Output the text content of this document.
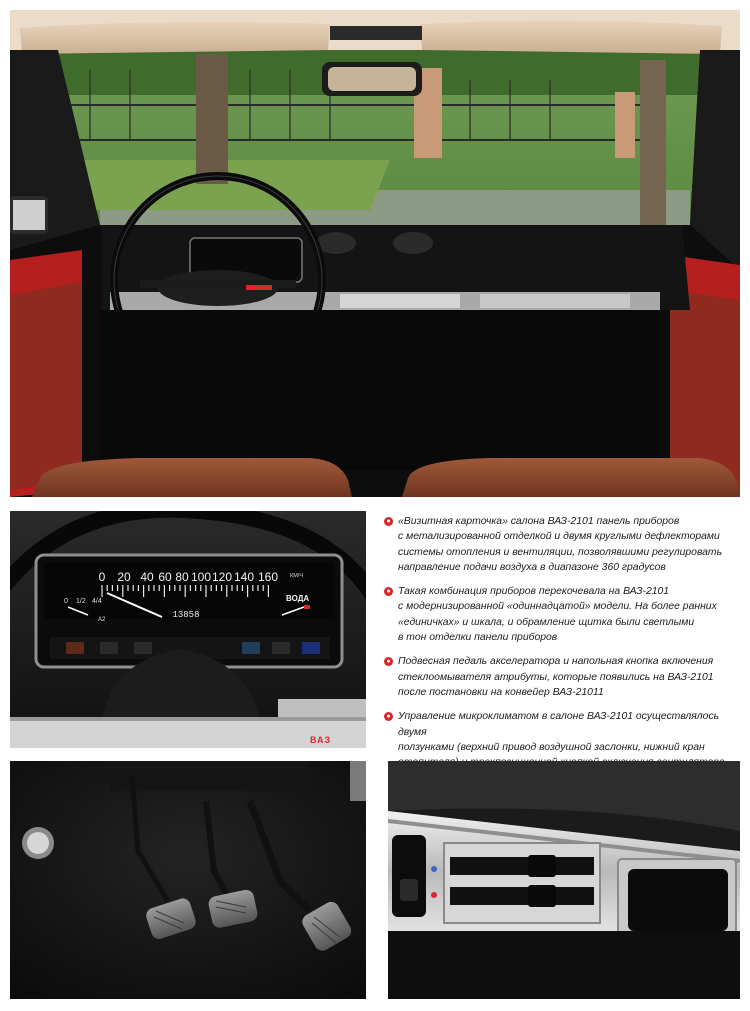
0 20 40 60 80 100 120 140 160 КМ/Ч
0 1/2 4/4
А2	13858
ВОДА
ВАЗ
● «Визитная карточка» салона ВАЗ-2101 панель приборов

с метализированной отделкой и двумя круглыми дефлекторами

системы отопления и вентиляции, позволявшими регулировать

направление подачи воздуха в диапазоне 360 градусов

● Такая комбинация приборов перекочевала на ВАЗ-2101

с модернизированной «одиннадцатой» модели. На более ранних

«единичках» и шкала, и обрамление щитка были светлыми

в тон отделки панели приборов

● Подвесная педаль акселератора и напольная кнопка включения

стеклоомывателя атрибуты, которые появились на ВАЗ-2101

после постановки на конвейер ВАЗ-21011

● Управление микроклиматом в салоне ВАЗ-2101 осуществлялось двумя

ползунками (верхний привод воздушной заслонки, нижний кран
